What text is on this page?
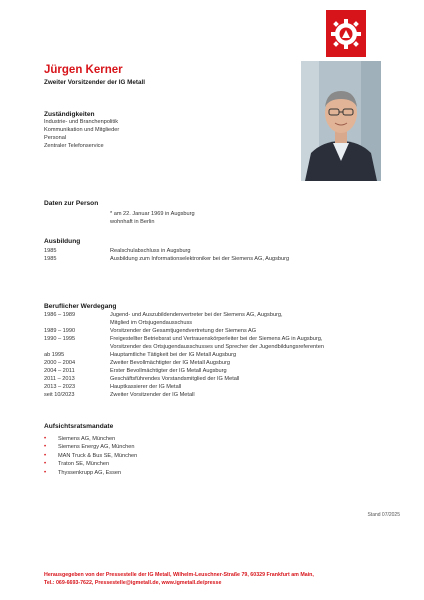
Jürgen Kerner
Zweiter Vorsitzender der IG Metall
Zuständigkeiten
Industrie- und Branchenpolitik
Kommunikation und Mitglieder
Personal
Zentraler Telefonservice
Daten zur Person
* am 22. Januar 1969 in Augsburg
wohnhaft in Berlin
Ausbildung
1985	Realschulabschluss in Augsburg
1985	Ausbildung zum Informationselektroniker bei der Siemens AG, Augsburg
Beruflicher Werdegang
1986 – 1989	Jugend- und Auszubildendenvertreter bei der Siemens AG, Augsburg,
Mitglied im Ortsjugendausschuss
1989 – 1990	Vorsitzender der Gesamtjugendvertretung der Siemens AG
1990 – 1995	Freigestellter Betriebsrat und Vertrauenskörperleiter bei der Siemens AG in Augsburg,
Vorsitzender des Ortsjugendausschusses und Sprecher der Jugendbildungsreferenten
ab 1995	Hauptamtliche Tätigkeit bei der IG Metall Augsburg
2000 – 2004	Zweiter Bevollmächtigter der IG Metall Augsburg
2004 – 2011	Erster Bevollmächtigter der IG Metall Augsburg
2011 – 2013	Geschäftsführendes Vorstandsmitglied der IG Metall
2013 – 2023	Hauptkassierer der IG Metall
seit 10/2023	Zweiter Vorsitzender der IG Metall
Aufsichtsratsmandate
• Siemens AG, München
• Siemens Energy AG, München
• MAN Truck & Bus SE, München
• Traton SE, München
• Thyssenkrupp AG, Essen
Stand 07/2025
Herausgegeben von der Pressestelle der IG Metall, Wilhelm-Leuschner-Straße 79, 60329 Frankfurt am Main,
Tel.: 069-6693-7622, Pressestelle@igmetall.de, www.igmetall.de/presse
